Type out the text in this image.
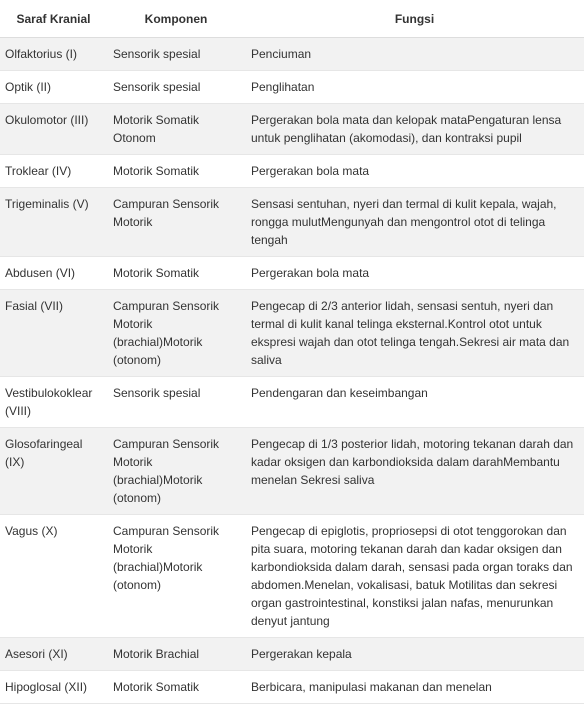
Saraf Kranial	Komponen	Fungsi
Olfaktorius (I)	Sensorik spesial	Penciuman
Optik (II)	Sensorik spesial	Penglihatan
Okulomotor (III)	Motorik Somatik Otonom	Pergerakan bola mata dan kelopak mataPengaturan lensa untuk penglihatan (akomodasi), dan kontraksi pupil
Troklear (IV)	Motorik Somatik	Pergerakan bola mata
Trigeminalis (V)	Campuran Sensorik Motorik	Sensasi sentuhan, nyeri dan termal di kulit kepala, wajah, rongga mulutMengunyah dan mengontrol otot di telinga tengah
Abdusen (VI)	Motorik Somatik	Pergerakan bola mata
Fasial (VII)	Campuran Sensorik Motorik (brachial)Motorik (otonom)	Pengecap di 2/3 anterior lidah, sensasi sentuh, nyeri dan termal di kulit kanal telinga eksternal.Kontrol otot untuk ekspresi wajah dan otot telinga tengah.Sekresi air mata dan saliva
Vestibulokoklear (VIII)	Sensorik spesial	Pendengaran dan keseimbangan
Glosofaringeal (IX)	Campuran Sensorik Motorik (brachial)Motorik (otonom)	Pengecap di 1/3 posterior lidah, motoring tekanan darah dan kadar oksigen dan karbondioksida dalam darahMembantu menelan Sekresi saliva
Vagus (X)	Campuran Sensorik Motorik (brachial)Motorik (otonom)	Pengecap di epiglotis, propriosepsi di otot tenggorokan dan pita suara, motoring tekanan darah dan kadar oksigen dan karbondioksida dalam darah, sensasi pada organ toraks dan abdomen.Menelan, vokalisasi, batuk Motilitas dan sekresi organ gastrointestinal, konstiksi jalan nafas, menurunkan denyut jantung
Asesori (XI)	Motorik Brachial	Pergerakan kepala
Hipoglosal (XII)	Motorik Somatik	Berbicara, manipulasi makanan dan menelan
